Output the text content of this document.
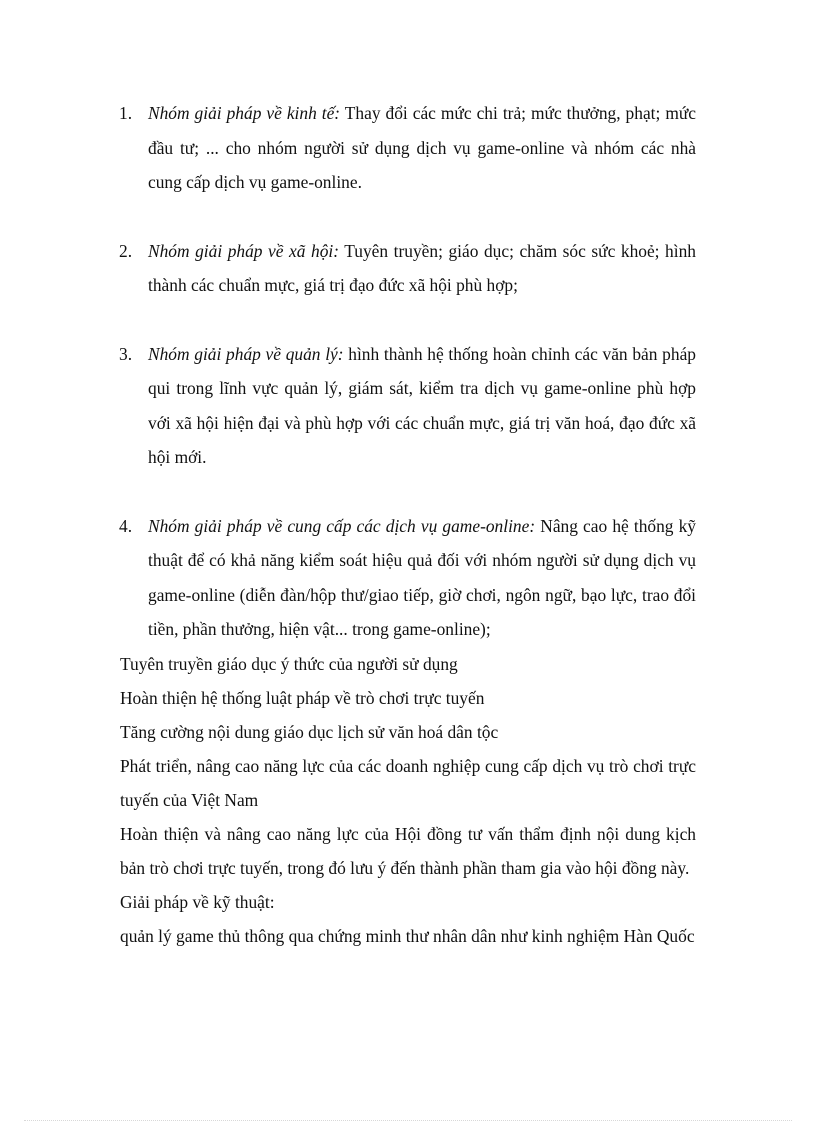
1. Nhóm giải pháp về kinh tế: Thay đổi các mức chi trả; mức thưởng, phạt; mức đầu tư; ... cho nhóm người sử dụng dịch vụ game-online và nhóm các nhà cung cấp dịch vụ game-online.
2. Nhóm giải pháp về xã hội: Tuyên truyền; giáo dục; chăm sóc sức khoẻ; hình thành các chuẩn mực, giá trị đạo đức xã hội phù hợp;
3. Nhóm giải pháp về quản lý: hình thành hệ thống hoàn chỉnh các văn bản pháp qui trong lĩnh vực quản lý, giám sát, kiểm tra dịch vụ game-online phù hợp với xã hội hiện đại và phù hợp với các chuẩn mực, giá trị văn hoá, đạo đức xã hội mới.
4. Nhóm giải pháp về cung cấp các dịch vụ game-online: Nâng cao hệ thống kỹ thuật để có khả năng kiểm soát hiệu quả đối với nhóm người sử dụng dịch vụ game-online (diễn đàn/hộp thư/giao tiếp, giờ chơi, ngôn ngữ, bạo lực, trao đổi tiền, phần thưởng, hiện vật... trong game-online);

Tuyên truyền giáo dục ý thức của người sử dụng

Hoàn thiện hệ thống luật pháp về trò chơi trực tuyến

Tăng cường nội dung giáo dục lịch sử văn hoá dân tộc

Phát triển, nâng cao năng lực của các doanh nghiệp cung cấp dịch vụ trò chơi trực tuyến của Việt Nam

Hoàn thiện và nâng cao năng lực của Hội đồng tư vấn thẩm định nội dung kịch bản trò chơi trực tuyến, trong đó lưu ý đến thành phần tham gia vào hội đồng này.

Giải pháp về kỹ thuật:

quản lý game thủ thông qua chứng minh thư nhân dân như kinh nghiệm Hàn Quốc
